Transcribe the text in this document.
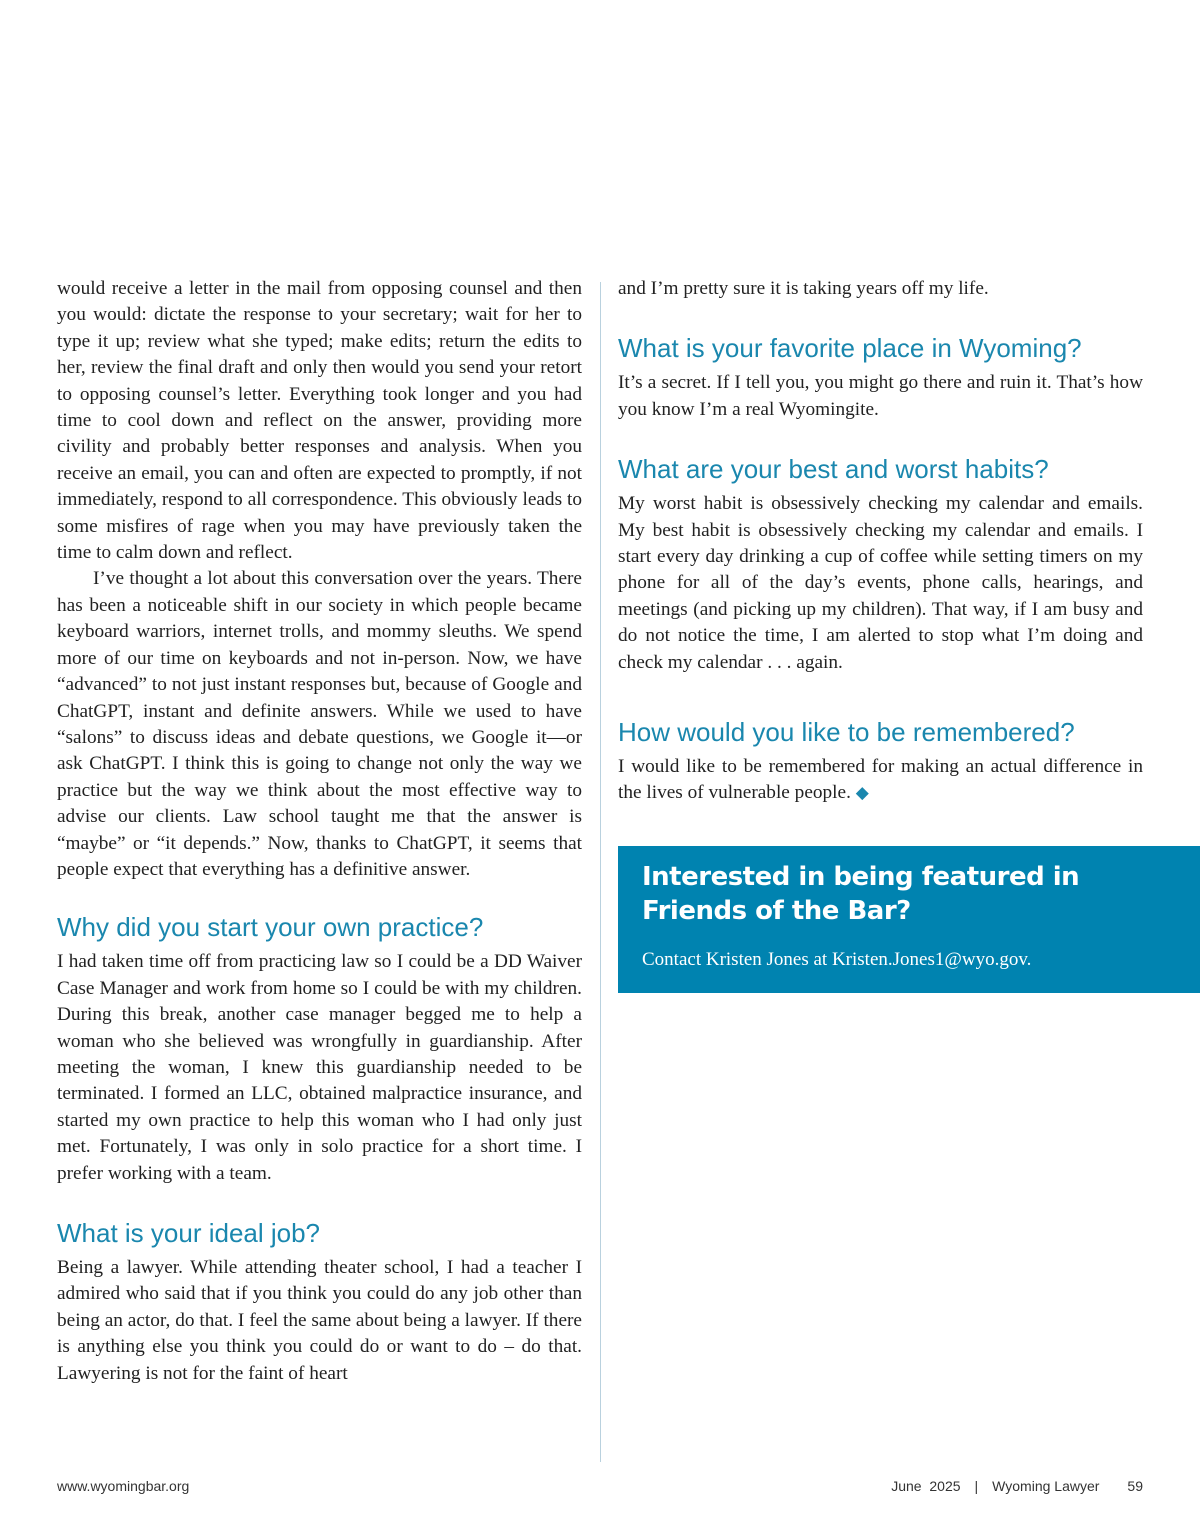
would receive a letter in the mail from opposing counsel and then you would: dictate the response to your secretary; wait for her to type it up; review what she typed; make edits; return the edits to her, review the final draft and only then would you send your retort to opposing counsel’s letter. Everything took longer and you had time to cool down and reflect on the answer, providing more civility and probably better responses and analysis. When you receive an email, you can and often are expected to promptly, if not immediately, respond to all correspondence. This obviously leads to some misfires of rage when you may have previously taken the time to calm down and reflect.

I’ve thought a lot about this conversation over the years. There has been a noticeable shift in our society in which people became keyboard warriors, internet trolls, and mommy sleuths. We spend more of our time on keyboards and not in-person. Now, we have “advanced” to not just instant responses but, because of Google and ChatGPT, instant and definite answers. While we used to have “salons” to discuss ideas and debate questions, we Google it—or ask ChatGPT. I think this is going to change not only the way we practice but the way we think about the most effective way to advise our clients. Law school taught me that the answer is “maybe” or “it depends.” Now, thanks to ChatGPT, it seems that people expect that everything has a definitive answer.

Why did you start your own practice?

I had taken time off from practicing law so I could be a DD Waiver Case Manager and work from home so I could be with my children. During this break, another case manager begged me to help a woman who she believed was wrongfully in guardianship. After meeting the woman, I knew this guardianship needed to be terminated. I formed an LLC, obtained malpractice insurance, and started my own practice to help this woman who I had only just met. Fortunately, I was only in solo practice for a short time. I prefer working with a team.

What is your ideal job?

Being a lawyer. While attending theater school, I had a teacher I admired who said that if you think you could do any job other than being an actor, do that. I feel the same about being a lawyer. If there is anything else you think you could do or want to do – do that. Lawyering is not for the faint of heart

and I’m pretty sure it is taking years off my life.

What is your favorite place in Wyoming?

It’s a secret. If I tell you, you might go there and ruin it. That’s how you know I’m a real Wyomingite.

What are your best and worst habits?

My worst habit is obsessively checking my calendar and emails. My best habit is obsessively checking my calendar and emails. I start every day drinking a cup of coffee while setting timers on my phone for all of the day’s events, phone calls, hearings, and meetings (and picking up my children). That way, if I am busy and do not notice the time, I am alerted to stop what I’m doing and check my calendar . . . again.

How would you like to be remembered?

I would like to be remembered for making an actual difference in the lives of vulnerable people. ◆

Interested in being featured in
Friends of the Bar?
Contact Kristen Jones at Kristen.Jones1@wyo.gov.
www.wyomingbar.org	June  2025 | Wyoming Lawyer 59
